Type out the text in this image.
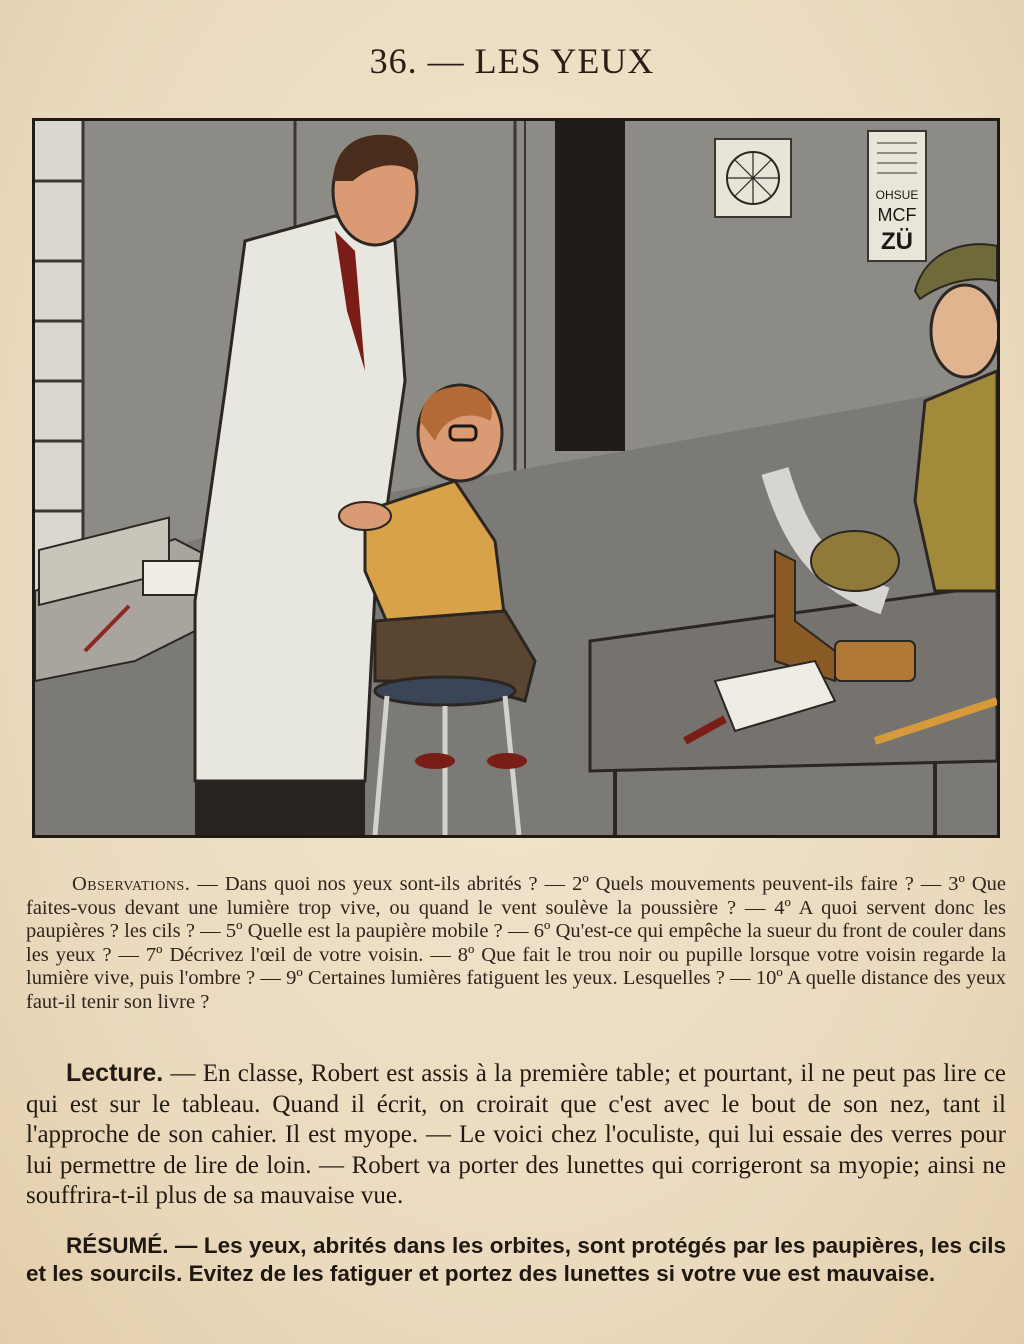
36. — LES YEUX
OHSUE
MCF
ZÜ
Observations. — Dans quoi nos yeux sont-ils abrités ? — 2º Quels mouvements peuvent-ils faire ? — 3º Que faites-vous devant une lumière trop vive, ou quand le vent soulève la poussière ? — 4º A quoi servent donc les paupières ? les cils ? — 5º Quelle est la paupière mobile ? — 6º Qu'est-ce qui empêche la sueur du front de couler dans les yeux ? — 7º Décrivez l'œil de votre voisin. — 8º Que fait le trou noir ou pupille lorsque votre voisin regarde la lumière vive, puis l'ombre ? — 9º Certaines lumières fatiguent les yeux. Lesquelles ? — 10º A quelle distance des yeux faut-il tenir son livre ?
Lecture. — En classe, Robert est assis à la première table; et pourtant, il ne peut pas lire ce qui est sur le tableau. Quand il écrit, on croirait que c'est avec le bout de son nez, tant il l'approche de son cahier. Il est myope. — Le voici chez l'oculiste, qui lui essaie des verres pour lui permettre de lire de loin. — Robert va porter des lunettes qui corrigeront sa myopie; ainsi ne souffrira-t-il plus de sa mauvaise vue.
RÉSUMÉ. — Les yeux, abrités dans les orbites, sont protégés par les paupières, les cils et les sourcils. Evitez de les fatiguer et portez des lunettes si votre vue est mauvaise.
